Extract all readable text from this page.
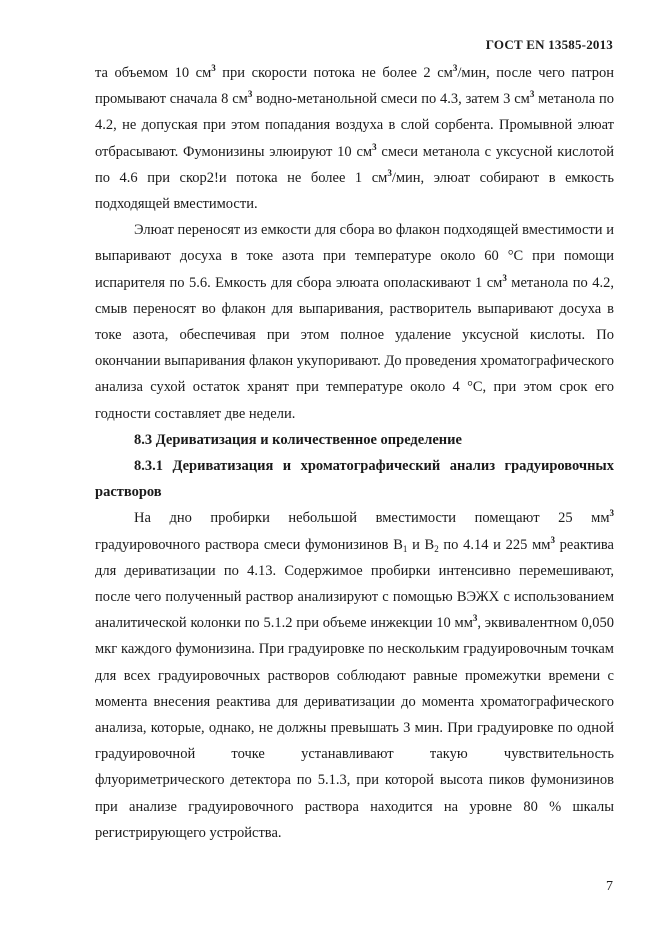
ГОСТ EN 13585-2013

та объемом 10 $см^3$ при скорости потока не более 2 $см^3$/мин, после чего патрон промывают сначала 8 $см^3$ водно-метанольной смеси по 4.3, затем 3 $см^3$ метанола по 4.2, не допуская при этом попадания воздуха в слой сорбента. Промывной элюат отбрасывают. Фумонизины элюируют 10 $см^3$ смеси метанола с уксусной кислотой по 4.6 при скор2ǃи потока не более 1 $см^3$/мин, элюат собирают в емкость подходящей вместимости.

Элюат переносят из емкости для сбора во флакон подходящей вместимости и выпаривают досуха в токе азота при температуре около 60 °С при помощи испарителя по 5.6. Емкость для сбора элюата ополаскивают 1 $см^3$ метанола по 4.2, смыв переносят во флакон для выпаривания, растворитель выпаривают досуха в токе азота, обеспечивая при этом полное удаление уксусной кислоты. По окончании выпаривания флакон укупоривают. До проведения хроматографического анализа сухой остаток хранят при температуре около 4 °С, при этом срок его годности составляет две недели.

8.3 Дериватизация и количественное определение

8.3.1 Дериватизация и хроматографический анализ градуировочных растворов

На дно пробирки небольшой вместимости помещают 25 $мм^3$ градуировочного раствора смеси фумонизинов $В_1$ и $В_2$ по 4.14 и 225 $мм^3$ реактива для дериватизации по 4.13. Cодержимое пробирки интенсивно перемешивают, после чего полученный раствор анализируют с помощью ВЭЖХ с использованием аналитической колонки по 5.1.2 при объеме инжекции 10 $мм^3$, эквивалентном 0,050 мкг каждого фумонизина. При градуировке по нескольким градуировочным точкам для всех градуировочных растворов соблюдают равные промежутки времени с момента внесения реактива для дериватизации до момента хроматографического анализа, которые, однако, не должны превышать 3 мин. При градуировке по одной градуировочной точке устанавливают такую чувствительность флуориметрического детектора по 5.1.3, при которой высота пиков фумонизинов при анализе градуировочного раствора находится на уровне 80 % шкалы регистрирующего устройства.

7
